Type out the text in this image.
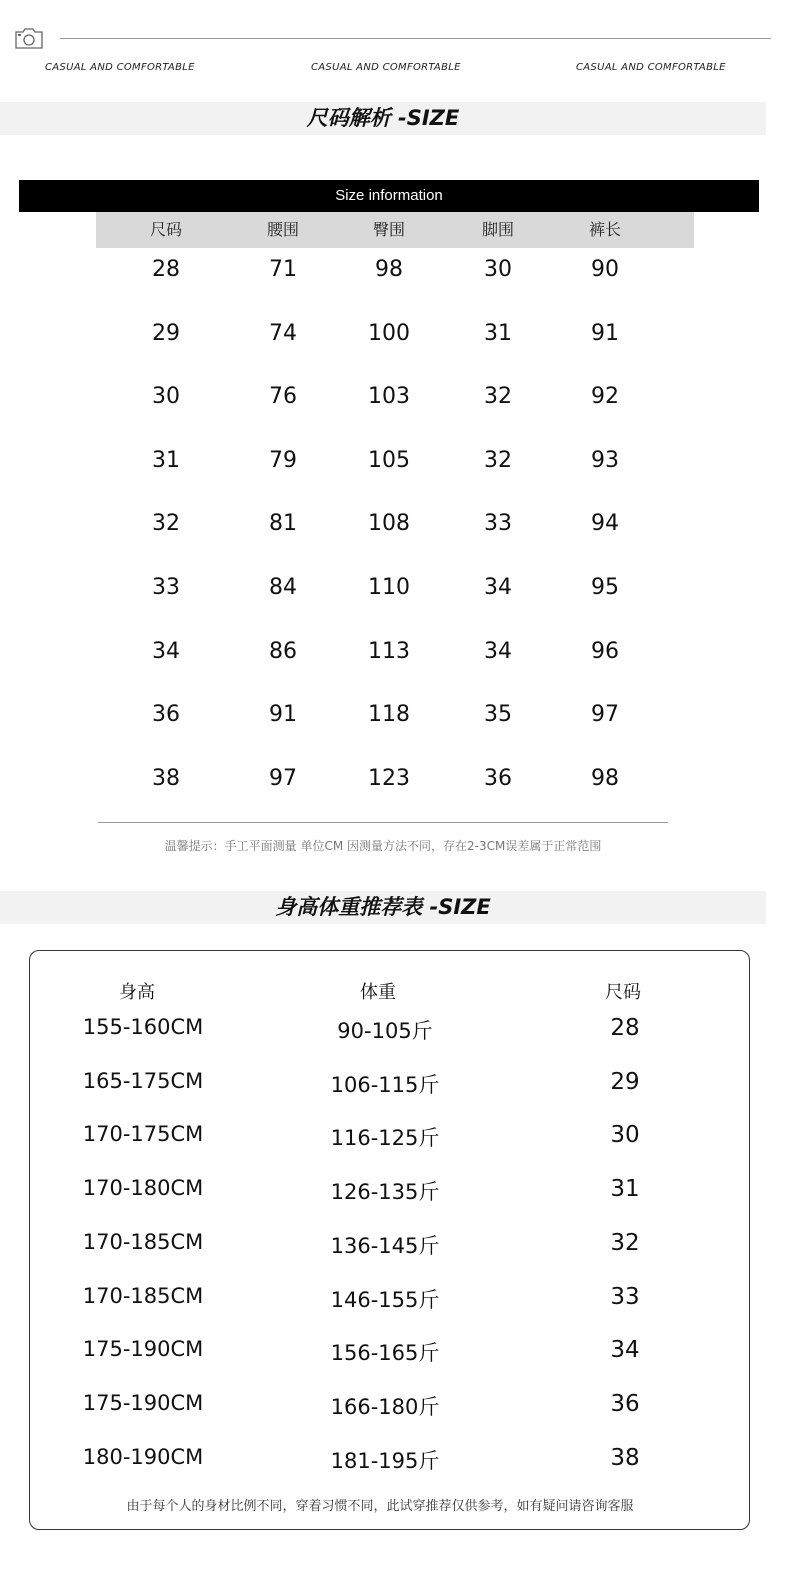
CASUAL AND COMFORTABLE	CASUAL AND COMFORTABLE	CASUAL AND COMFORTABLE
尺码解析 -SIZE
Size information
尺码	腰围	臀围	脚围	裤长
28	71	98	30	90
29	74	100	31	91
30	76	103	32	92
31	79	105	32	93
32	81	108	33	94
33	84	110	34	95
34	86	113	34	96
36	91	118	35	97
38	97	123	36	98
温馨提示：手工平面测量 单位CM 因测量方法不同，存在2-3CM误差属于正常范围
身高体重推荐表 -SIZE
身高	体重	尺码
155-160CM	90-105斤	28
165-175CM	106-115斤	29
170-175CM	116-125斤	30
170-180CM	126-135斤	31
170-185CM	136-145斤	32
170-185CM	146-155斤	33
175-190CM	156-165斤	34
175-190CM	166-180斤	36
180-190CM	181-195斤	38
由于每个人的身材比例不同，穿着习惯不同，此试穿推荐仅供参考，如有疑问请咨询客服
